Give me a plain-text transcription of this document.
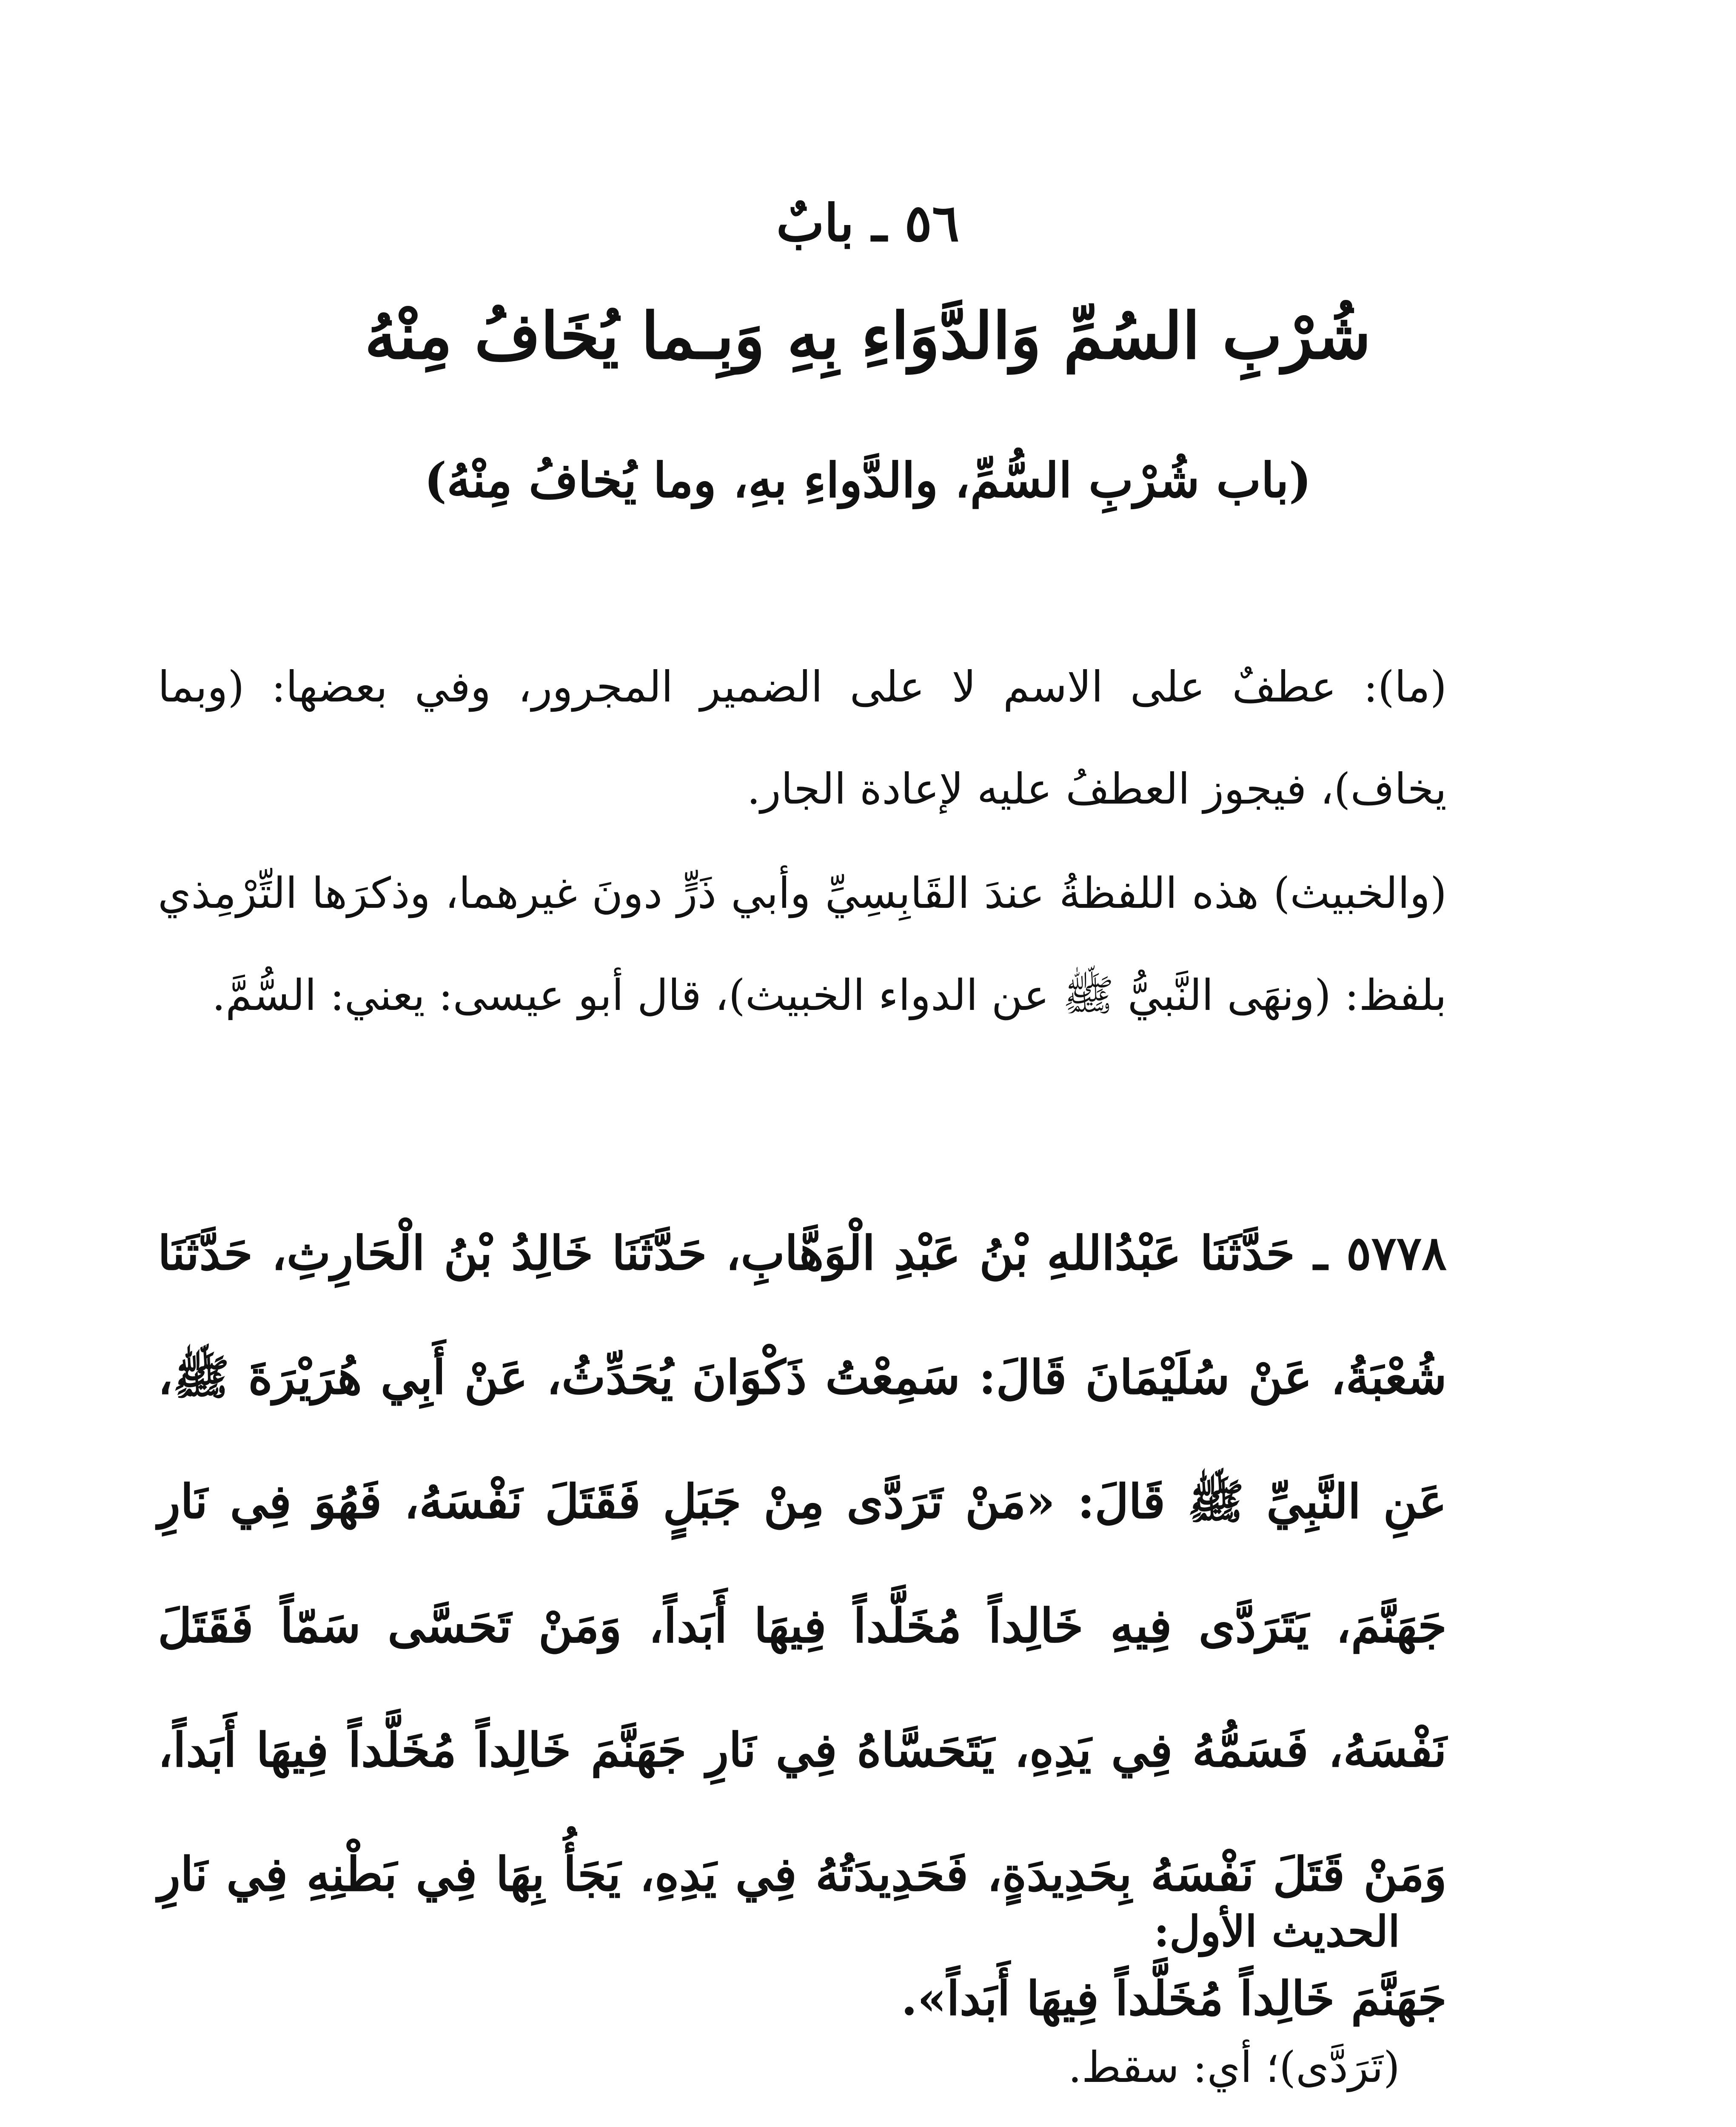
٥٦ ـ بابٌ
شُرْبِ السُمِّ وَالدَّوَاءِ بِهِ وَبِـما يُخَافُ مِنْهُ
(باب شُرْبِ السُّمِّ، والدَّواءِ بهِ، وما يُخافُ مِنْهُ)

(ما): عطفٌ على الاسم لا على الضمير المجرور، وفي بعضها: (وبما يخاف)، فيجوز العطفُ عليه لإعادة الجار.

(والخبيث) هذه اللفظةُ عندَ القَابِسِيِّ وأبي ذَرٍّ دونَ غيرهما، وذكرَها التِّرْمِذي بلفظ: (ونهَى النَّبيُّ ﷺ عن الدواء الخبيث)، قال أبو عيسى: يعني: السُّمَّ.

٥٧٧٨ ـ حَدَّثَنَا عَبْدُاللهِ بْنُ عَبْدِ الْوَهَّابِ، حَدَّثَنَا خَالِدُ بْنُ الْحَارِثِ، حَدَّثَنَا شُعْبَةُ، عَنْ سُلَيْمَانَ قَالَ: سَمِعْتُ ذَكْوَانَ يُحَدِّثُ، عَنْ أَبِي هُرَيْرَةَ ﷺ، عَنِ النَّبِيِّ ﷺ قَالَ: «مَنْ تَرَدَّى مِنْ جَبَلٍ فَقَتَلَ نَفْسَهُ، فَهُوَ فِي نَارِ جَهَنَّمَ، يَتَرَدَّى فِيهِ خَالِداً مُخَلَّداً فِيهَا أَبَداً، وَمَنْ تَحَسَّى سَمّاً فَقَتَلَ نَفْسَهُ، فَسَمُّهُ فِي يَدِهِ، يَتَحَسَّاهُ فِي نَارِ جَهَنَّمَ خَالِداً مُخَلَّداً فِيهَا أَبَداً، وَمَنْ قَتَلَ نَفْسَهُ بِحَدِيدَةٍ، فَحَدِيدَتُهُ فِي يَدِهِ، يَجَأُ بِهَا فِي بَطْنِهِ فِي نَارِ جَهَنَّمَ خَالِداً مُخَلَّداً فِيهَا أَبَداً».

الحديث الأول:
(تَرَدَّى)؛ أي: سقط.
